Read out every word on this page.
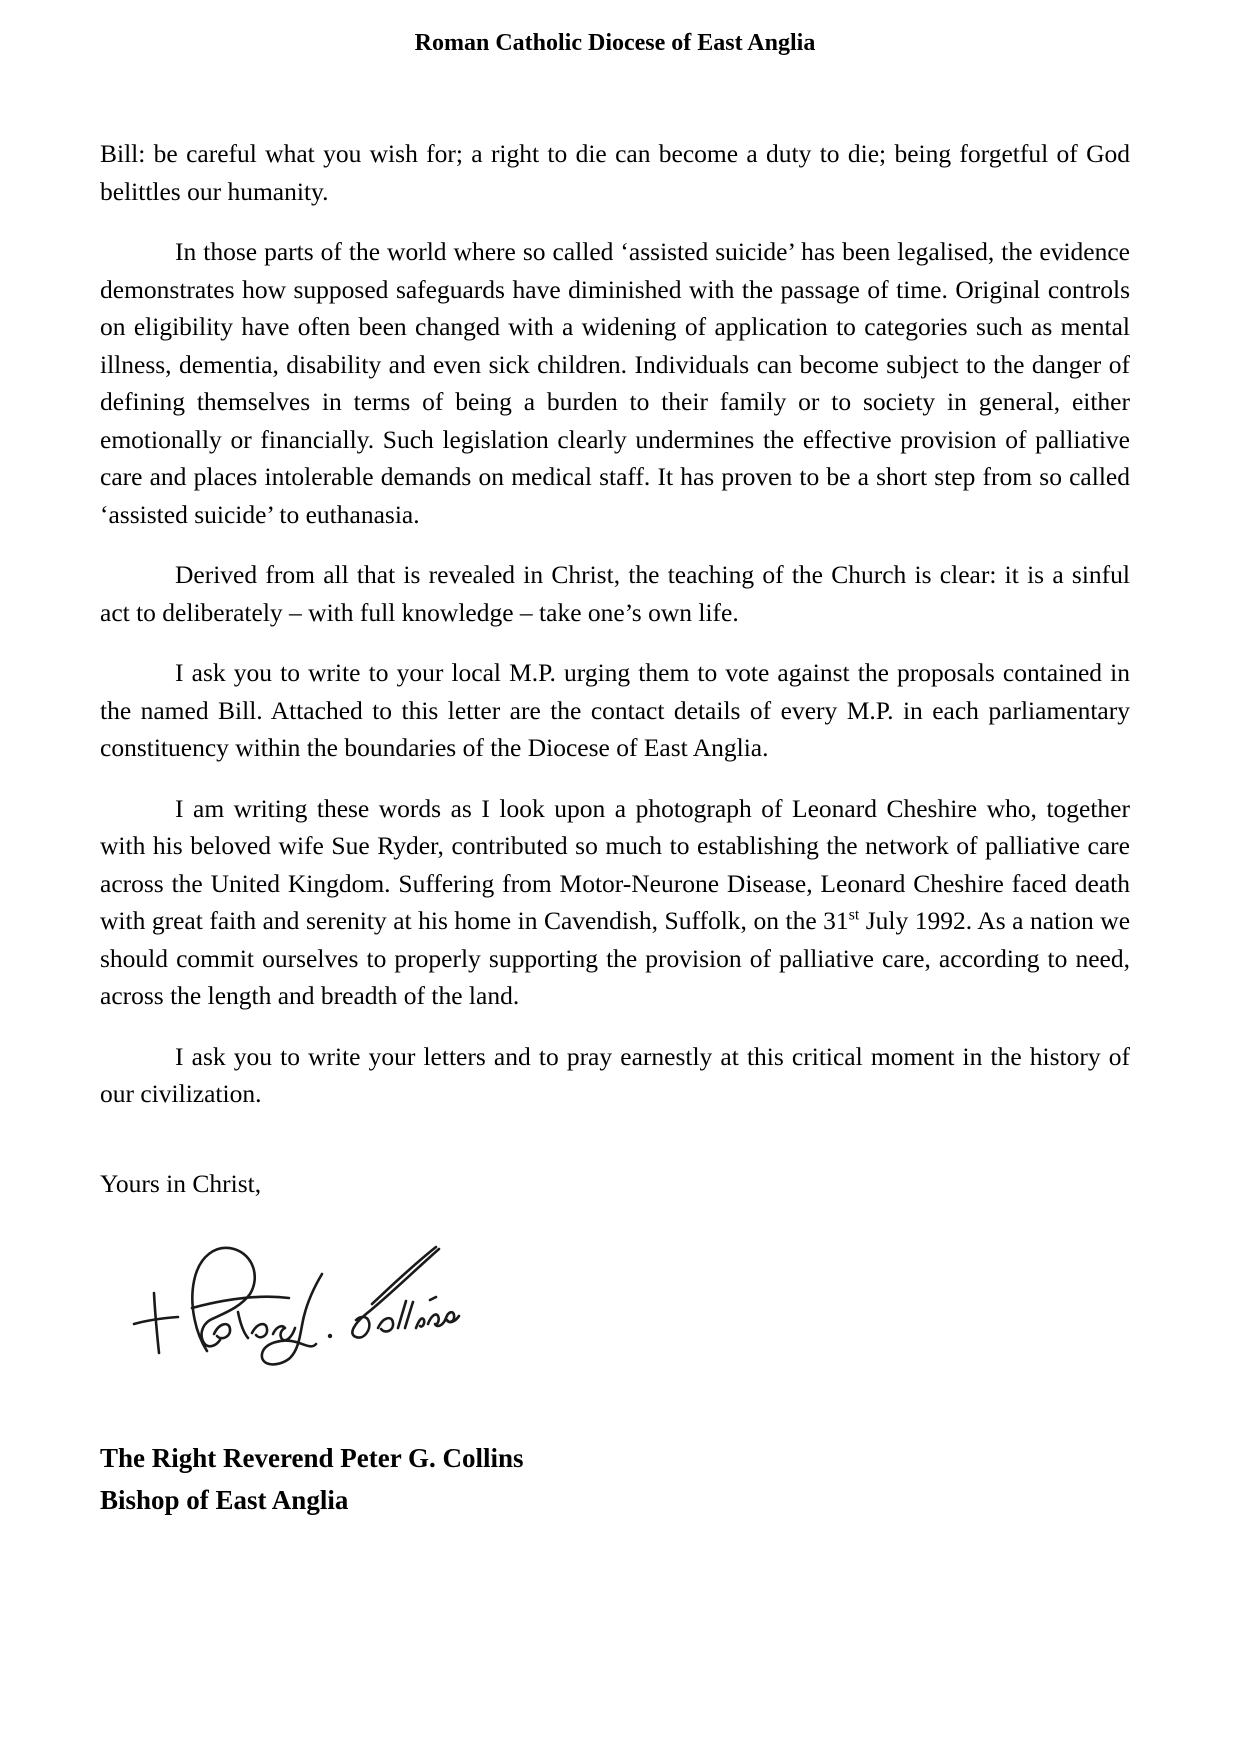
Roman Catholic Diocese of East Anglia

Bill: be careful what you wish for; a right to die can become a duty to die; being forgetful of God belittles our humanity.

In those parts of the world where so called ‘assisted suicide’ has been legalised, the evidence demonstrates how supposed safeguards have diminished with the passage of time. Original controls on eligibility have often been changed with a widening of application to categories such as mental illness, dementia, disability and even sick children. Individuals can become subject to the danger of defining themselves in terms of being a burden to their family or to society in general, either emotionally or financially. Such legislation clearly undermines the effective provision of palliative care and places intolerable demands on medical staff. It has proven to be a short step from so called ‘assisted suicide’ to euthanasia.

Derived from all that is revealed in Christ, the teaching of the Church is clear: it is a sinful act to deliberately – with full knowledge – take one’s own life.

I ask you to write to your local M.P. urging them to vote against the proposals contained in the named Bill. Attached to this letter are the contact details of every M.P. in each parliamentary constituency within the boundaries of the Diocese of East Anglia.

I am writing these words as I look upon a photograph of Leonard Cheshire who, together with his beloved wife Sue Ryder, contributed so much to establishing the network of palliative care across the United Kingdom. Suffering from Motor-Neurone Disease, Leonard Cheshire faced death with great faith and serenity at his home in Cavendish, Suffolk, on the 31st July 1992. As a nation we should commit ourselves to properly supporting the provision of palliative care, according to need, across the length and breadth of the land.

I ask you to write your letters and to pray earnestly at this critical moment in the history of our civilization.

Yours in Christ,

The Right Reverend Peter G. Collins
Bishop of East Anglia
